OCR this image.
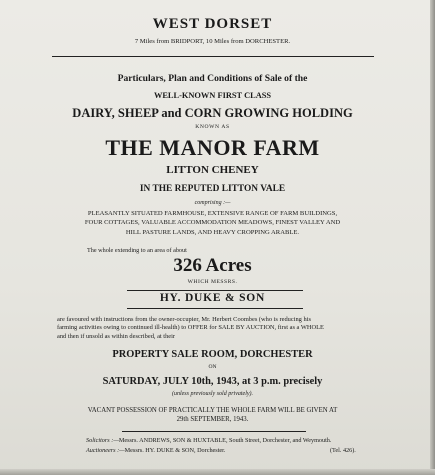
WEST DORSET
7 Miles from BRIDPORT, 10 Miles from DORCHESTER.
Particulars, Plan and Conditions of Sale of the
WELL-KNOWN FIRST CLASS
DAIRY, SHEEP and CORN GROWING HOLDING
KNOWN AS
THE MANOR FARM
LITTON CHENEY
IN THE REPUTED LITTON VALE
comprising :—
PLEASANTLY SITUATED FARMHOUSE, EXTENSIVE RANGE OF FARM BUILDINGS,
FOUR COTTAGES, VALUABLE ACCOMMODATION MEADOWS, FINEST VALLEY AND
HILL PASTURE LANDS, AND HEAVY CROPPING ARABLE.
The whole extending to an area of about
326 Acres
WHICH MESSRS.
HY. DUKE & SON
are favoured with instructions from the owner-occupier, Mr. Herbert Coombes (who is reducing his
farming activities owing to continued ill-health) to OFFER for SALE BY AUCTION, first as a WHOLE
and then if unsold as within described, at their
PROPERTY SALE ROOM, DORCHESTER
ON
SATURDAY, JULY 10th, 1943, at 3 p.m. precisely
(unless previously sold privately).
VACANT POSSESSION OF PRACTICALLY THE WHOLE FARM WILL BE GIVEN AT
29th SEPTEMBER, 1943.
Solicitors :—Messrs. ANDREWS, SON & HUXTABLE, South Street, Dorchester, and Weymouth.
Auctioneers :—Messrs. HY. DUKE & SON, Dorchester.	(Tel. 426).
